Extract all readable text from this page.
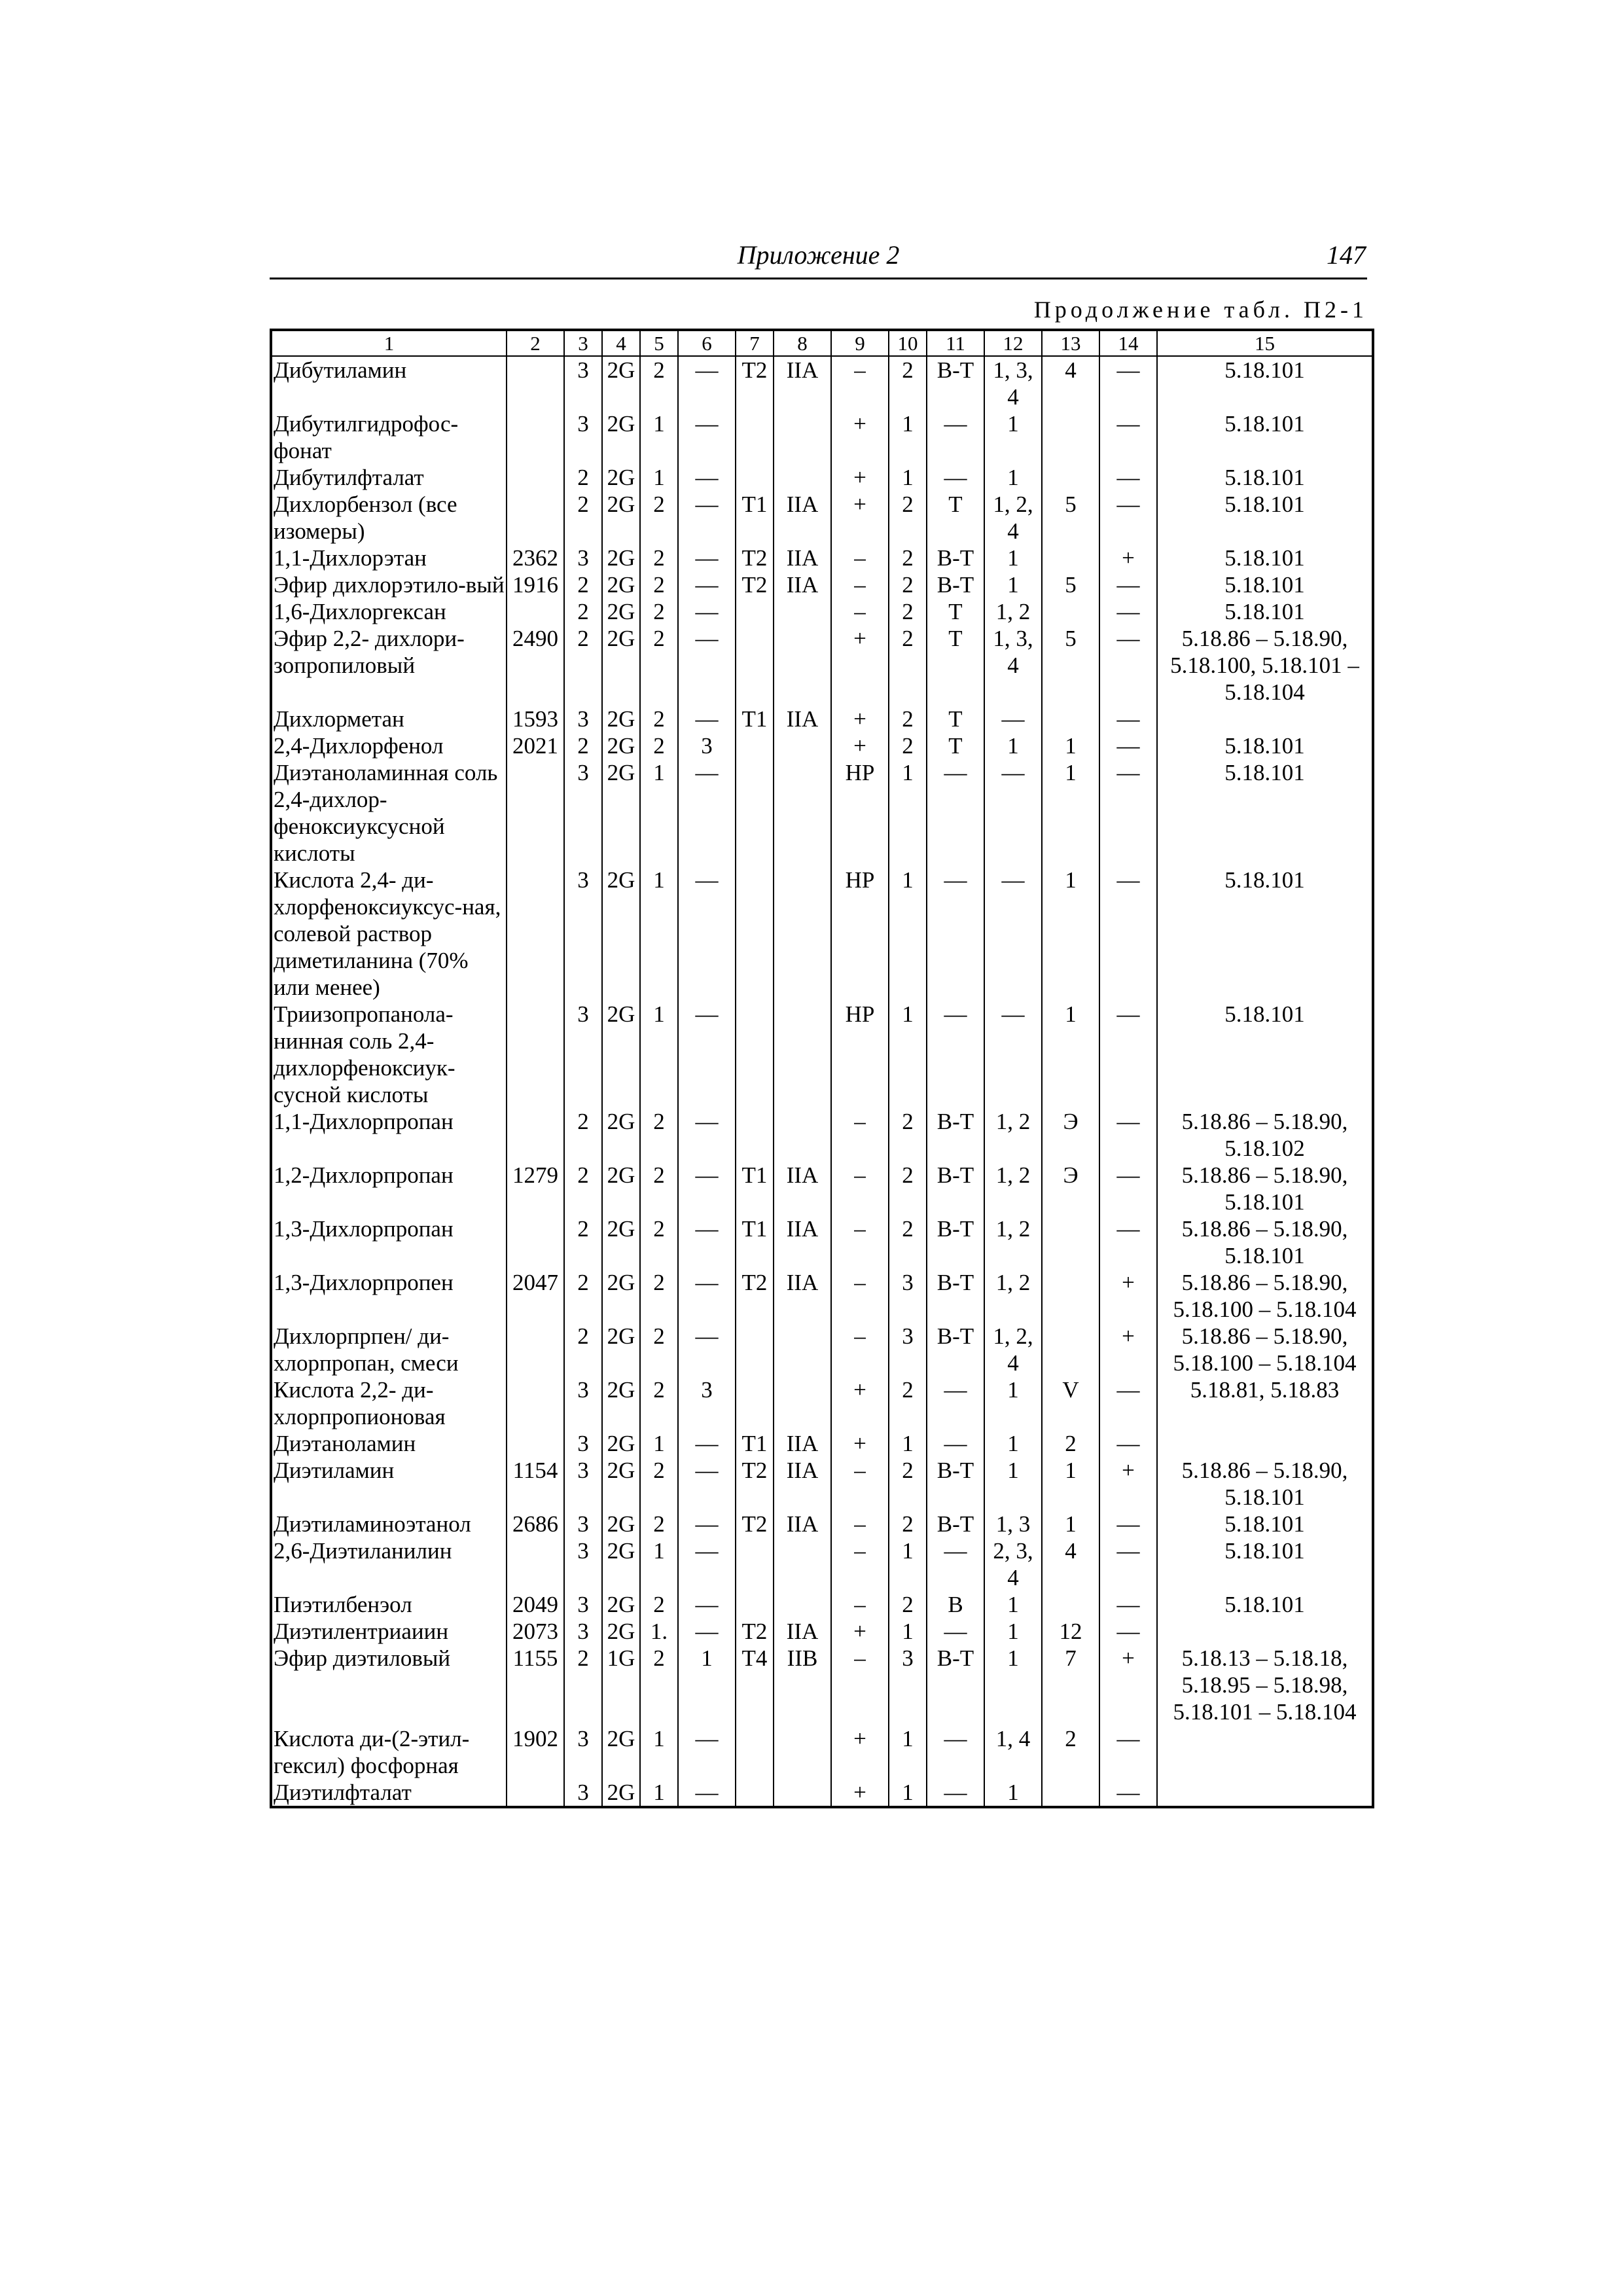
Приложение 2	147
Продолжение табл. П2-1
1	2	3	4	5	6	7	8	9	10	11	12	13	14	15
Дибутиламин		3	2G	2	—	T2	IIA	–	2	B-T	1, 3, 4	4	—	5.18.101
Дибутилгидрофос-фонат		3	2G	1	—			+	1	—	1		—	5.18.101
Дибутилфталат		2	2G	1	—			+	1	—	1		—	5.18.101
Дихлорбензол (все изомеры)		2	2G	2	—	T1	IIA	+	2	T	1, 2, 4	5	—	5.18.101
1,1-Дихлорэтан	2362	3	2G	2	—	T2	IIA	–	2	B-T	1		+	5.18.101
Эфир дихлорэтило-вый	1916	2	2G	2	—	T2	IIA	–	2	B-T	1	5	—	5.18.101
1,6-Дихлоргексан		2	2G	2	—			–	2	T	1, 2		—	5.18.101
Эфир 2,2- дихлори-зопропиловый	2490	2	2G	2	—			+	2	T	1, 3, 4	5	—	5.18.86 – 5.18.90, 5.18.100, 5.18.101 – 5.18.104
Дихлорметан	1593	3	2G	2	—	T1	IIA	+	2	T	—		—	
2,4-Дихлорфенол	2021	2	2G	2	3			+	2	T	1	1	—	5.18.101
Диэтаноламинная соль 2,4-дихлор-феноксиуксусной кислоты		3	2G	1	—			HP	1	—	—	1	—	5.18.101
Кислота 2,4- ди-хлорфеноксиуксус-ная, солевой раствор диметиланина (70% или менее)		3	2G	1	—			HP	1	—	—	1	—	5.18.101
Триизопропанола-нинная соль 2,4-дихлорфеноксиук-сусной кислоты		3	2G	1	—			HP	1	—	—	1	—	5.18.101
1,1-Дихлорпропан		2	2G	2	—			–	2	B-T	1, 2	Э	—	5.18.86 – 5.18.90, 5.18.102
1,2-Дихлорпропан	1279	2	2G	2	—	T1	IIA	–	2	B-T	1, 2	Э	—	5.18.86 – 5.18.90, 5.18.101
1,3-Дихлорпропан		2	2G	2	—	T1	IIA	–	2	B-T	1, 2		—	5.18.86 – 5.18.90, 5.18.101
1,3-Дихлорпропен	2047	2	2G	2	—	T2	IIA	–	3	B-T	1, 2		+	5.18.86 – 5.18.90, 5.18.100 – 5.18.104
Дихлорпрпен/ ди-хлорпропан, смеси		2	2G	2	—			–	3	B-T	1, 2, 4		+	5.18.86 – 5.18.90, 5.18.100 – 5.18.104
Кислота 2,2- ди-хлорпропионовая		3	2G	2	3			+	2	—	1	V	—	5.18.81, 5.18.83
Диэтаноламин		3	2G	1	—	T1	IIA	+	1	—	1	2	—	
Диэтиламин	1154	3	2G	2	—	T2	IIA	–	2	B-T	1	1	+	5.18.86 – 5.18.90, 5.18.101
Диэтиламиноэтанол	2686	3	2G	2	—	T2	IIA	–	2	B-T	1, 3	1	—	5.18.101
2,6-Диэтиланилин		3	2G	1	—			–	1	—	2, 3, 4	4	—	5.18.101
Пиэтилбенэол	2049	3	2G	2	—			–	2	B	1		—	5.18.101
Диэтилентриаиин	2073	3	2G	1.	—	T2	IIA	+	1	—	1	12	—	
Эфир диэтиловый	1155	2	1G	2	1	T4	IIB	–	3	B-T	1	7	+	5.18.13 – 5.18.18, 5.18.95 – 5.18.98, 5.18.101 – 5.18.104
Кислота ди-(2-этил-гексил) фосфорная	1902	3	2G	1	—			+	1	—	1, 4	2	—	
Диэтилфталат		3	2G	1	—			+	1	—	1		—	
